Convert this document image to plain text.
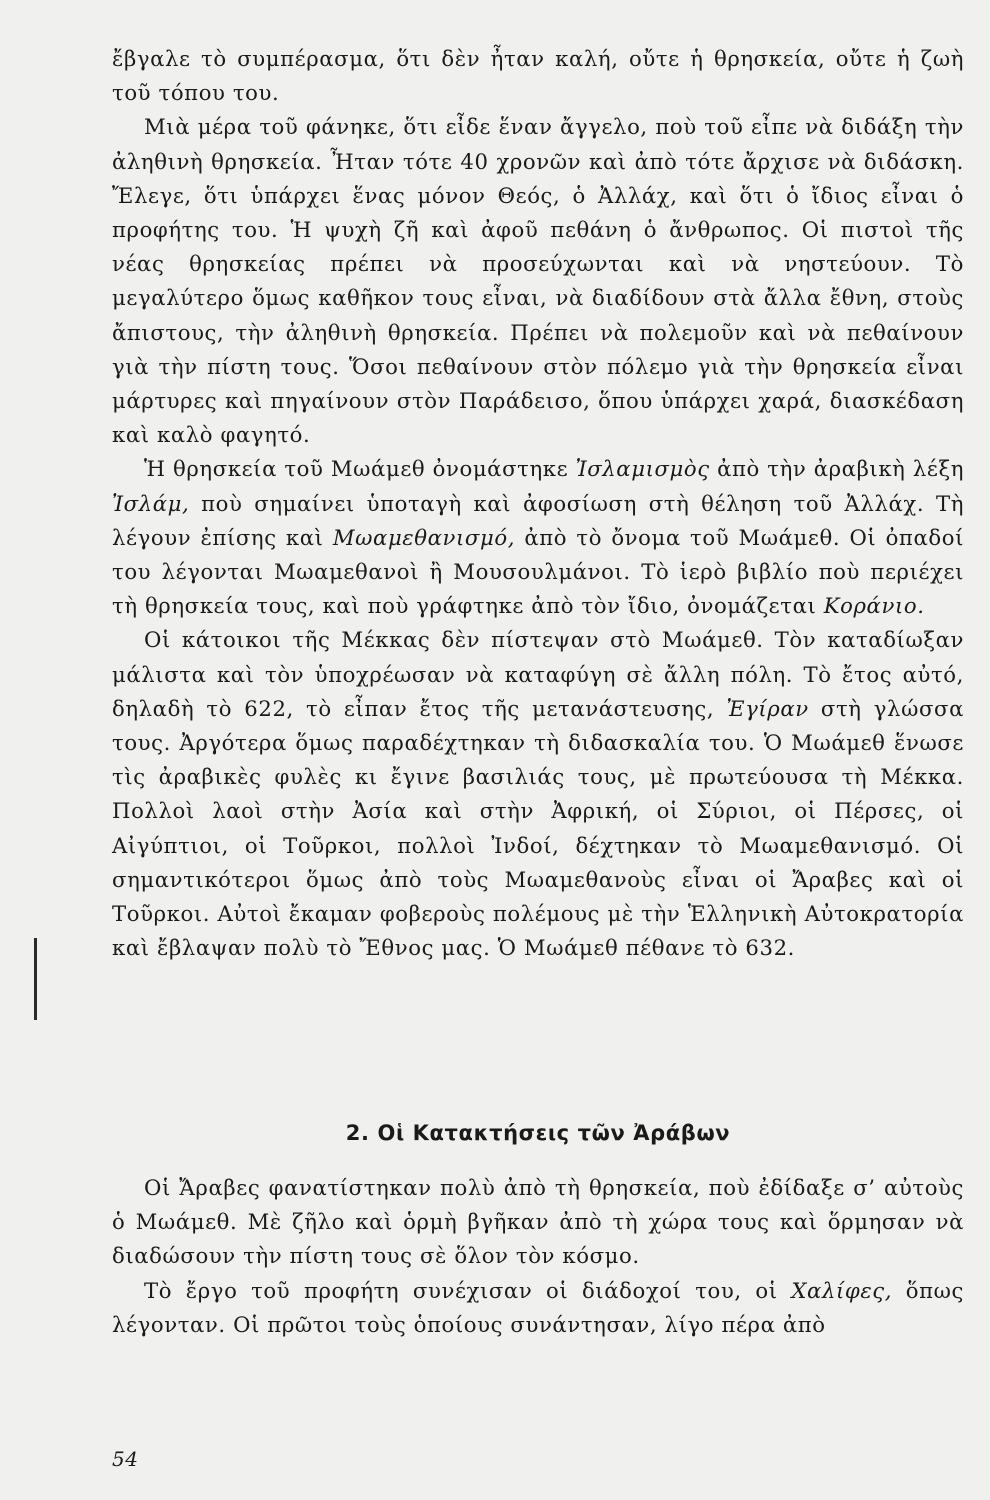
ἔβγαλε τὸ συμπέρασμα, ὅτι δὲν ἦταν καλή, οὔτε ἡ θρησκεία, οὔτε ἡ ζωὴ τοῦ τόπου του.

Μιὰ μέρα τοῦ φάνηκε, ὅτι εἶδε ἕναν ἄγγελο, ποὺ τοῦ εἶπε νὰ διδάξη τὴν ἀληθινὴ θρησκεία. Ἦταν τότε 40 χρονῶν καὶ ἀπὸ τότε ἄρχισε νὰ διδάσκη. Ἔλεγε, ὅτι ὑπάρχει ἕνας μόνον Θεός, ὁ Ἀλλάχ, καὶ ὅτι ὁ ἴδιος εἶναι ὁ προφήτης του. Ἡ ψυχὴ ζῆ καὶ ἀφοῦ πεθάνη ὁ ἄνθρωπος. Οἱ πιστοὶ τῆς νέας θρησκείας πρέπει νὰ προσεύχωνται καὶ νὰ νηστεύουν. Τὸ μεγαλύτερο ὅμως καθῆκον τους εἶναι, νὰ διαδίδουν στὰ ἄλλα ἔθνη, στοὺς ἄπιστους, τὴν ἀληθινὴ θρησκεία. Πρέπει νὰ πολεμοῦν καὶ νὰ πεθαίνουν γιὰ τὴν πίστη τους. Ὅσοι πεθαίνουν στὸν πόλεμο γιὰ τὴν θρησκεία εἶναι μάρτυρες καὶ πηγαίνουν στὸν Παράδεισο, ὅπου ὑπάρχει χαρά, διασκέδαση καὶ καλὸ φαγητό.

Ἡ θρησκεία τοῦ Μωάμεθ ὀνομάστηκε Ἰσλαμισμὸς ἀπὸ τὴν ἀραβικὴ λέξη Ἰσλάμ, ποὺ σημαίνει ὑποταγὴ καὶ ἀφοσίωση στὴ θέληση τοῦ Ἀλλάχ. Τὴ λέγουν ἐπίσης καὶ Μωαμεθανισμό, ἀπὸ τὸ ὄνομα τοῦ Μωάμεθ. Οἱ ὀπαδοί του λέγονται Μωαμεθανοὶ ἢ Μουσουλμάνοι. Τὸ ἱερὸ βιβλίο ποὺ περιέχει τὴ θρησκεία τους, καὶ ποὺ γράφτηκε ἀπὸ τὸν ἴδιο, ὀνομάζεται Κοράνιο.

Οἱ κάτοικοι τῆς Μέκκας δὲν πίστεψαν στὸ Μωάμεθ. Τὸν καταδίωξαν μάλιστα καὶ τὸν ὑποχρέωσαν νὰ καταφύγη σὲ ἄλλη πόλη. Τὸ ἔτος αὐτό, δηλαδὴ τὸ 622, τὸ εἶπαν ἔτος τῆς μετανάστευσης, Ἐγίραν στὴ γλώσσα τους. Ἀργότερα ὅμως παραδέχτηκαν τὴ διδασκαλία του. Ὁ Μωάμεθ ἕνωσε τὶς ἀραβικὲς φυλὲς κι ἔγινε βασιλιάς τους, μὲ πρωτεύουσα τὴ Μέκκα. Πολλοὶ λαοὶ στὴν Ἀσία καὶ στὴν Ἀφρική, οἱ Σύριοι, οἱ Πέρσες, οἱ Αἰγύπτιοι, οἱ Τοῦρκοι, πολλοὶ Ἰνδοί, δέχτηκαν τὸ Μωαμεθανισμό. Οἱ σημαντικότεροι ὅμως ἀπὸ τοὺς Μωαμεθανοὺς εἶναι οἱ Ἄραβες καὶ οἱ Τοῦρκοι. Αὐτοὶ ἔκαμαν φοβεροὺς πολέμους μὲ τὴν Ἑλληνικὴ Αὐτοκρατορία καὶ ἔβλαψαν πολὺ τὸ Ἔθνος μας. Ὁ Μωάμεθ πέθανε τὸ 632.

2. Οἱ Κατακτήσεις τῶν Ἀράβων

Οἱ Ἄραβες φανατίστηκαν πολὺ ἀπὸ τὴ θρησκεία, ποὺ ἐδίδαξε σ’ αὐτοὺς ὁ Μωάμεθ. Μὲ ζῆλο καὶ ὁρμὴ βγῆκαν ἀπὸ τὴ χώρα τους καὶ ὅρμησαν νὰ διαδώσουν τὴν πίστη τους σὲ ὅλον τὸν κόσμο.

Τὸ ἔργο τοῦ προφήτη συνέχισαν οἱ διάδοχοί του, οἱ Χαλίφες, ὅπως λέγονταν. Οἱ πρῶτοι τοὺς ὁποίους συνάντησαν, λίγο πέρα ἀπὸ

54
